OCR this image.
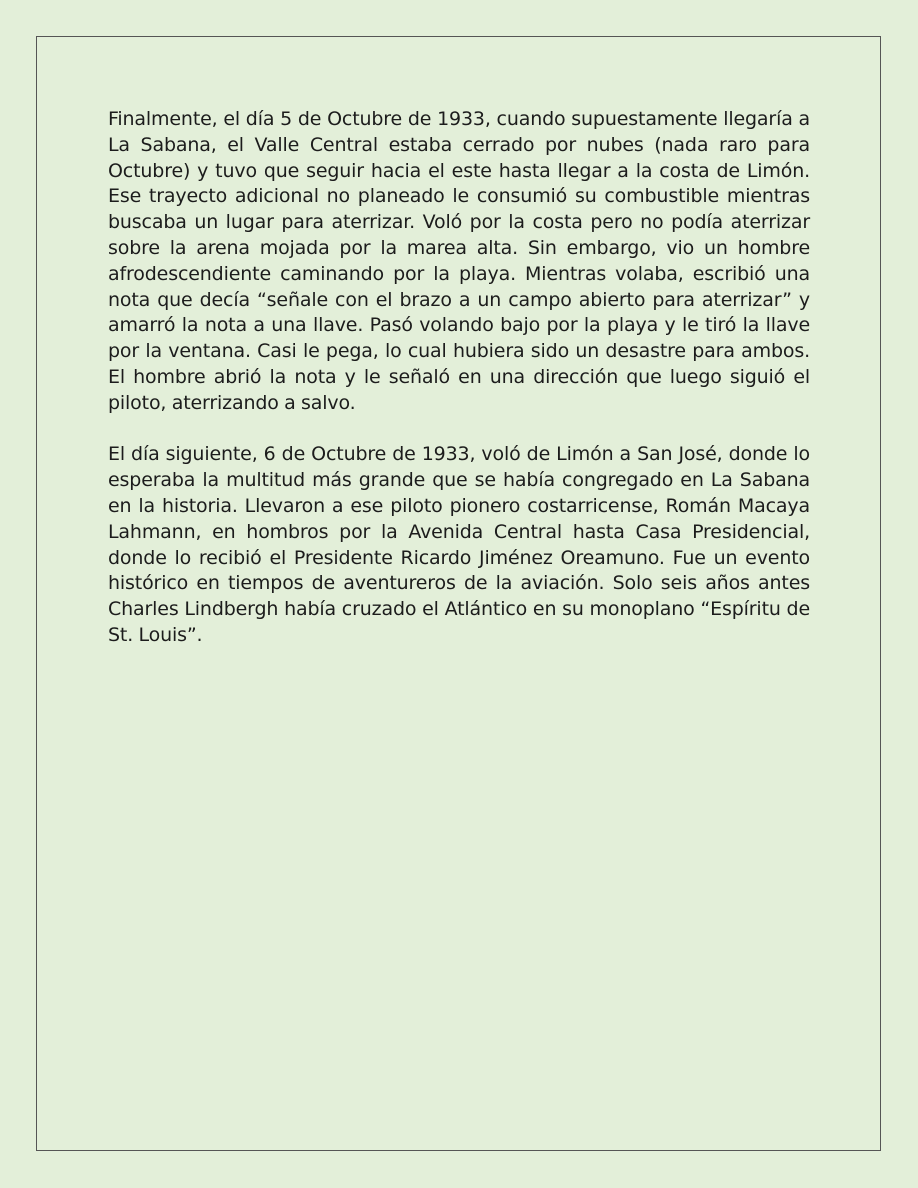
Finalmente, el día 5 de Octubre de 1933, cuando supuestamente llegaría a La Sabana, el Valle Central estaba cerrado por nubes (nada raro para Octubre) y tuvo que seguir hacia el este hasta llegar a la costa de Limón. Ese trayecto adicional no planeado le consumió su combustible mientras buscaba un lugar para aterrizar. Voló por la costa pero no podía aterrizar sobre la arena mojada por la marea alta. Sin embargo, vio un hombre afrodescendiente caminando por la playa. Mientras volaba, escribió una nota que decía “señale con el brazo a un campo abierto para aterrizar” y amarró la nota a una llave. Pasó volando bajo por la playa y le tiró la llave por la ventana. Casi le pega, lo cual hubiera sido un desastre para ambos. El hombre abrió la nota y le señaló en una dirección que luego siguió el piloto, aterrizando a salvo.

El día siguiente, 6 de Octubre de 1933, voló de Limón a San José, donde lo esperaba la multitud más grande que se había congregado en La Sabana en la historia. Llevaron a ese piloto pionero costarricense, Román Macaya Lahmann, en hombros por la Avenida Central hasta Casa Presidencial, donde lo recibió el Presidente Ricardo Jiménez Oreamuno. Fue un evento histórico en tiempos de aventureros de la aviación. Solo seis años antes Charles Lindbergh había cruzado el Atlántico en su monoplano “Espíritu de St. Louis”.
